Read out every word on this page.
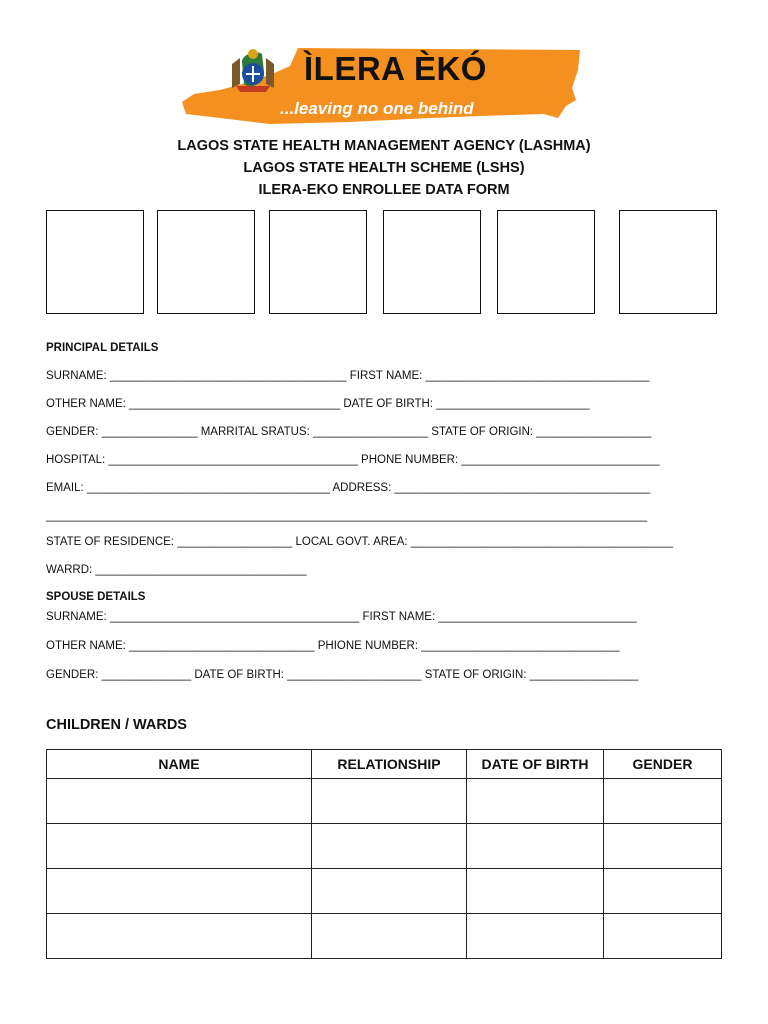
ÌLERA ÈKÓ
...leaving no one behind
LAGOS STATE HEALTH MANAGEMENT AGENCY (LASHMA)
LAGOS STATE HEALTH SCHEME (LSHS)
ILERA-EKO ENROLLEE DATA FORM
PRINCIPAL DETAILS
SURNAME: _____________________________________ FIRST NAME: ___________________________________
OTHER NAME: _________________________________ DATE OF BIRTH: ________________________
GENDER: _______________ MARRITAL SRATUS: __________________ STATE OF ORIGIN: __________________
HOSPITAL: _______________________________________ PHONE NUMBER: _______________________________
EMAIL: ______________________________________ ADDRESS: ________________________________________
______________________________________________________________________________________________
STATE OF RESIDENCE: __________________ LOCAL GOVT. AREA: _________________________________________
WARRD: _________________________________
SPOUSE DETAILS
SURNAME: _______________________________________ FIRST NAME: _______________________________
OTHER NAME: _____________________________ PHIONE NUMBER: _______________________________
GENDER: ______________ DATE OF BIRTH: _____________________ STATE OF ORIGIN: _________________
CHILDREN / WARDS
NAME	RELATIONSHIP	DATE OF BIRTH	GENDER
